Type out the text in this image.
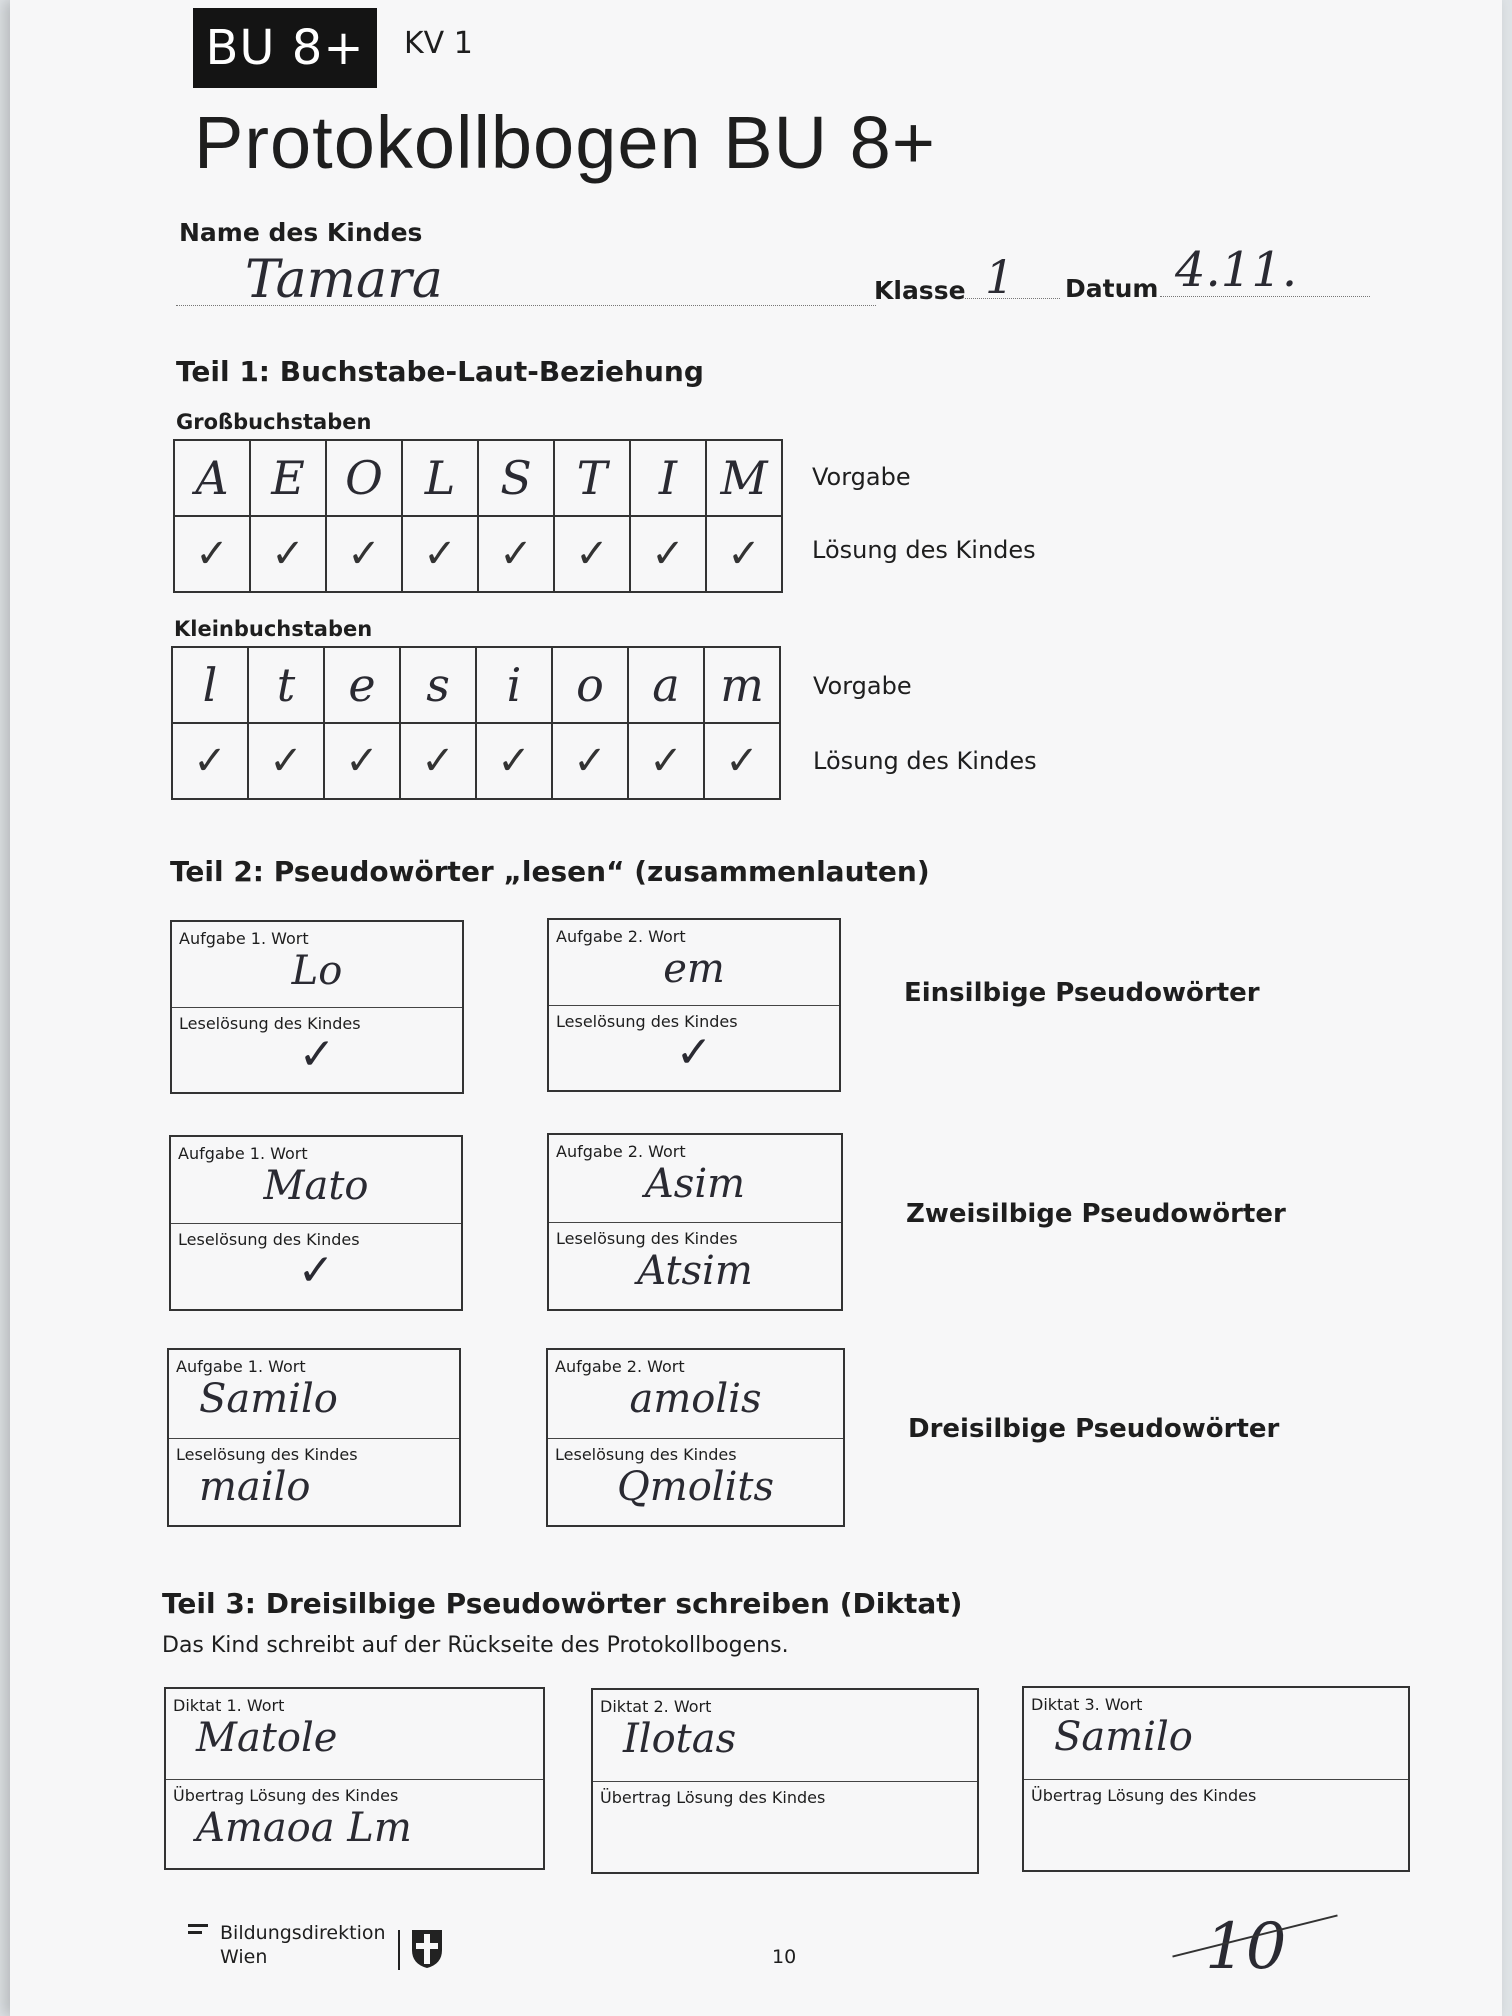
BU 8+	KV 1
Protokollbogen BU 8+
Name des Kindes
Tamara	Klasse 1 Datum 4.11.
Teil 1: Buchstabe-Laut-Beziehung
Großbuchstaben
A	E	O	L	S	T	I	M
✓	✓	✓	✓	✓	✓	✓	✓
Vorgabe
Lösung des Kindes
Kleinbuchstaben
l	t	e	s	i	o	a	m
✓	✓	✓	✓	✓	✓	✓	✓
Vorgabe
Lösung des Kindes
Teil 2: Pseudowörter „lesen“ (zusammenlauten)
Aufgabe 1. Wort
Lo
Leselösung des Kindes
✓
Aufgabe 2. Wort
em
Leselösung des Kindes
✓
Einsilbige Pseudowörter
Aufgabe 1. Wort
Mato
Leselösung des Kindes
✓
Aufgabe 2. Wort
Asim
Leselösung des Kindes
Atsim
Zweisilbige Pseudowörter
Aufgabe 1. Wort
Samilo
Leselösung des Kindes
mailo
Aufgabe 2. Wort
amolis
Leselösung des Kindes
Qmolits
Dreisilbige Pseudowörter
Teil 3: Dreisilbige Pseudowörter schreiben (Diktat)
Das Kind schreibt auf der Rückseite des Protokollbogens.
Diktat 1. Wort
Matole
Übertrag Lösung des Kindes
Amaoa Lm
Diktat 2. Wort
Ilotas
Übertrag Lösung des Kindes
Diktat 3. Wort
Samilo
Übertrag Lösung des Kindes
Bildungsdirektion
Wien	10	10
